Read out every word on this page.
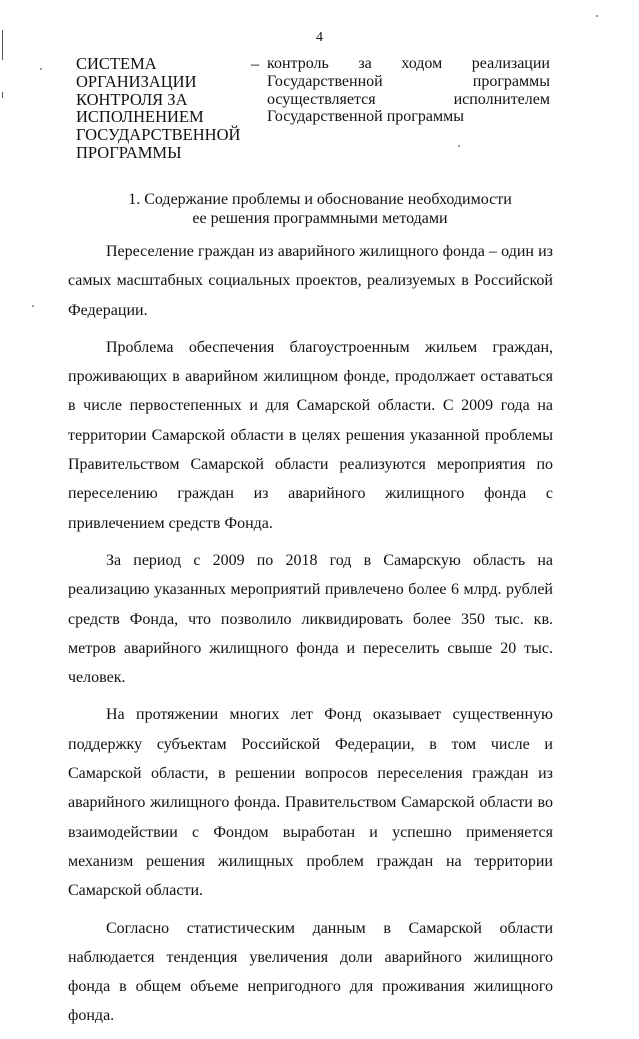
4
СИСТЕМА ОРГАНИЗАЦИИ КОНТРОЛЯ ЗА ИСПОЛНЕНИЕМ ГОСУДАРСТВЕННОЙ ПРОГРАММЫ
– контроль за ходом реализации Государственной программы осуществляется исполнителем Государственной программы
1. Содержание проблемы и обоснование необходимости
ее решения программными методами

Переселение граждан из аварийного жилищного фонда – один из самых масштабных социальных проектов, реализуемых в Российской Федерации.

Проблема обеспечения благоустроенным жильем граждан, проживающих в аварийном жилищном фонде, продолжает оставаться в числе первостепенных и для Самарской области. С 2009 года на территории Самарской области в целях решения указанной проблемы Правительством Самарской области реализуются мероприятия по переселению граждан из аварийного жилищного фонда с привлечением средств Фонда.

За период с 2009 по 2018 год в Самарскую область на реализацию указанных мероприятий привлечено более 6 млрд. рублей средств Фонда, что позволило ликвидировать более 350 тыс. кв. метров аварийного жилищного фонда и переселить свыше 20 тыс. человек.

На протяжении многих лет Фонд оказывает существенную поддержку субъектам Российской Федерации, в том числе и Самарской области, в решении вопросов переселения граждан из аварийного жилищного фонда. Правительством Самарской области во взаимодействии с Фондом выработан и успешно применяется механизм решения жилищных проблем граждан на территории Самарской области.

Согласно статистическим данным в Самарской области наблюдается тенденция увеличения доли аварийного жилищного фонда в общем объеме непригодного для проживания жилищного фонда.
